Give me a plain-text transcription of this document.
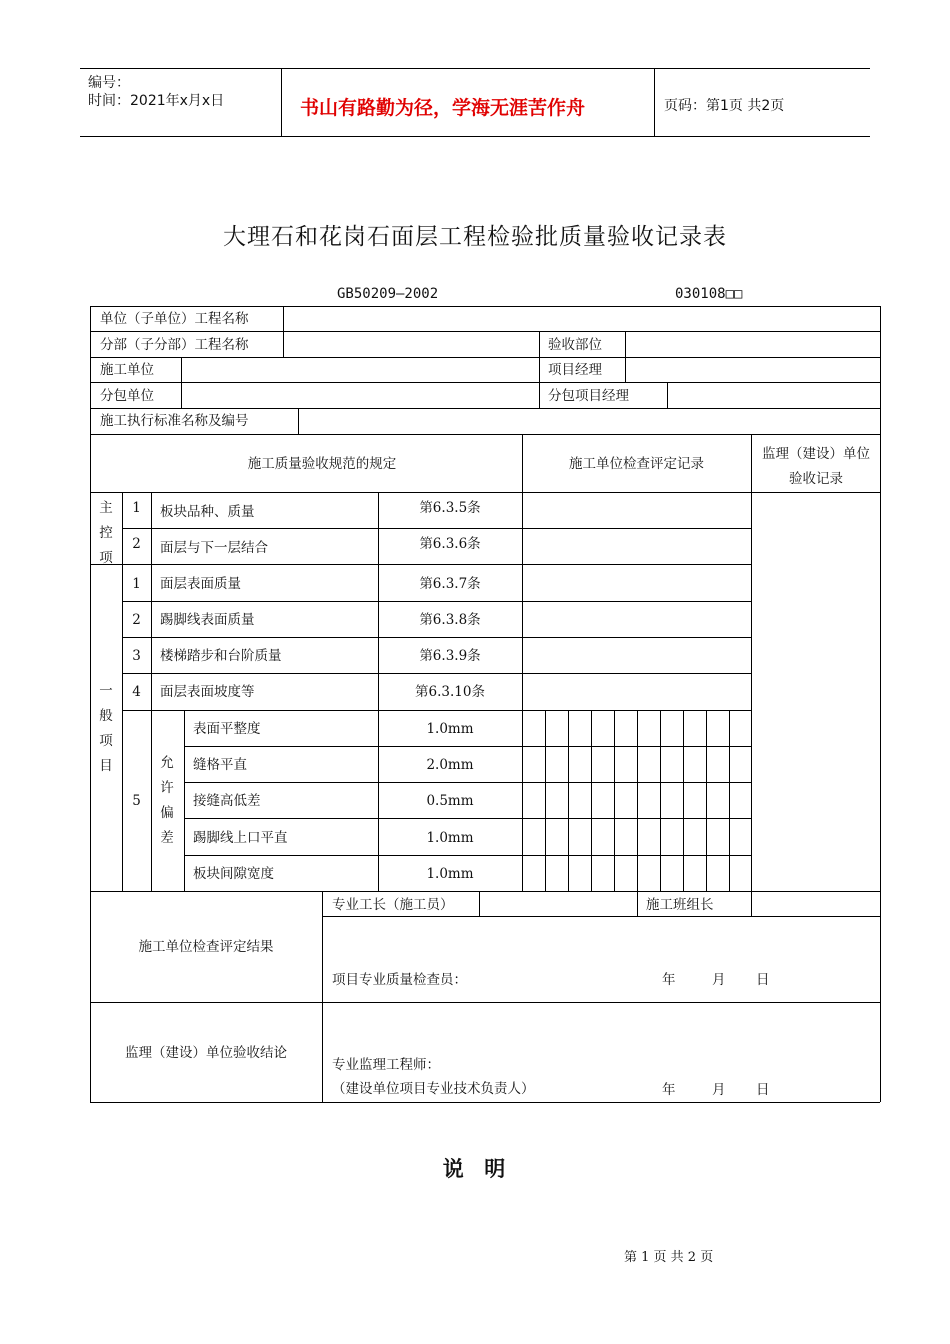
编号：
时间：2021年x月x日	书山有路勤为径，学海无涯苦作舟	页码：第1页 共2页
大理石和花岗石面层工程检验批质量验收记录表
GB50209—2002	030108□□
单位（子单位）工程名称
分部（子分部）工程名称	验收部位
施工单位	项目经理
分包单位	分包项目经理
施工执行标准名称及编号
施工质量验收规范的规定	施工单位检查评定记录
监理（建设）单位验收记录
主
控
项
1	板块品种、质量	第6.3.5条
2	面层与下一层结合	第6.3.6条
一
般
项
目
1	面层表面质量	第6.3.7条
2	踢脚线表面质量	第6.3.8条
3	楼梯踏步和台阶质量	第6.3.9条
4	面层表面坡度等	第6.3.10条
5
允
许
偏
差
表面平整度	1.0mm
缝格平直	2.0mm
接缝高低差	0.5mm
踢脚线上口平直	1.0mm
板块间隙宽度	1.0mm
施工单位检查评定结果
专业工长（施工员）	施工班组长
项目专业质量检查员：	年	月 日
监理（建设）单位验收结论
专业监理工程师：
（建设单位项目专业技术负责人）	年	月 日
说  明
第 1 页 共 2 页
